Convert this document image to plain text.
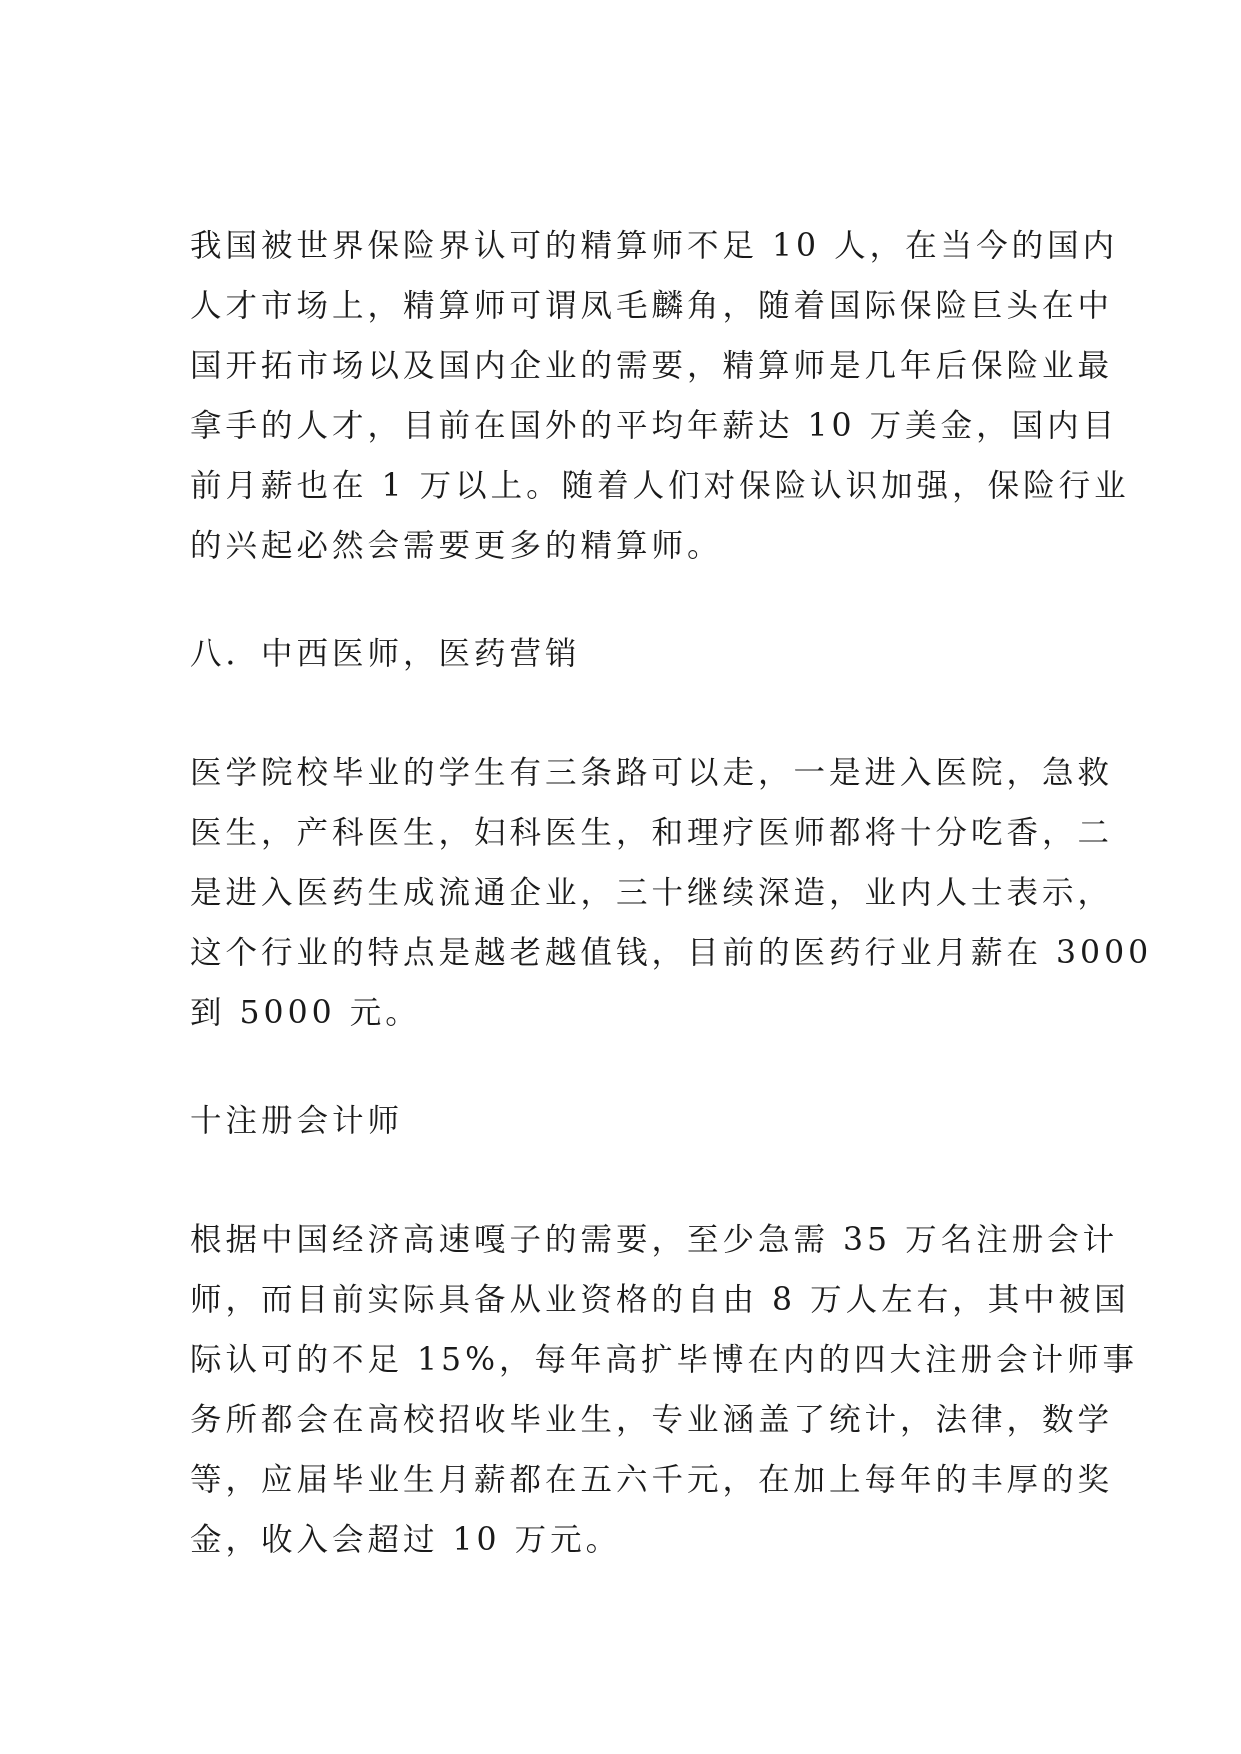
我国被世界保险界认可的精算师不足 10 人，在当今的国内
人才市场上，精算师可谓凤毛麟角，随着国际保险巨头在中
国开拓市场以及国内企业的需要，精算师是几年后保险业最
拿手的人才，目前在国外的平均年薪达 10 万美金，国内目
前月薪也在 1 万以上。随着人们对保险认识加强，保险行业
的兴起必然会需要更多的精算师。
八．中西医师，医药营销
医学院校毕业的学生有三条路可以走，一是进入医院，急救
医生，产科医生，妇科医生，和理疗医师都将十分吃香，二
是进入医药生成流通企业，三十继续深造，业内人士表示，
这个行业的特点是越老越值钱，目前的医药行业月薪在 3000
到 5000 元。
十注册会计师
根据中国经济高速嘎子的需要，至少急需 35 万名注册会计
师，而目前实际具备从业资格的自由 8 万人左右，其中被国
际认可的不足 15%，每年高扩毕博在内的四大注册会计师事
务所都会在高校招收毕业生，专业涵盖了统计，法律，数学
等，应届毕业生月薪都在五六千元，在加上每年的丰厚的奖
金，收入会超过 10 万元。
